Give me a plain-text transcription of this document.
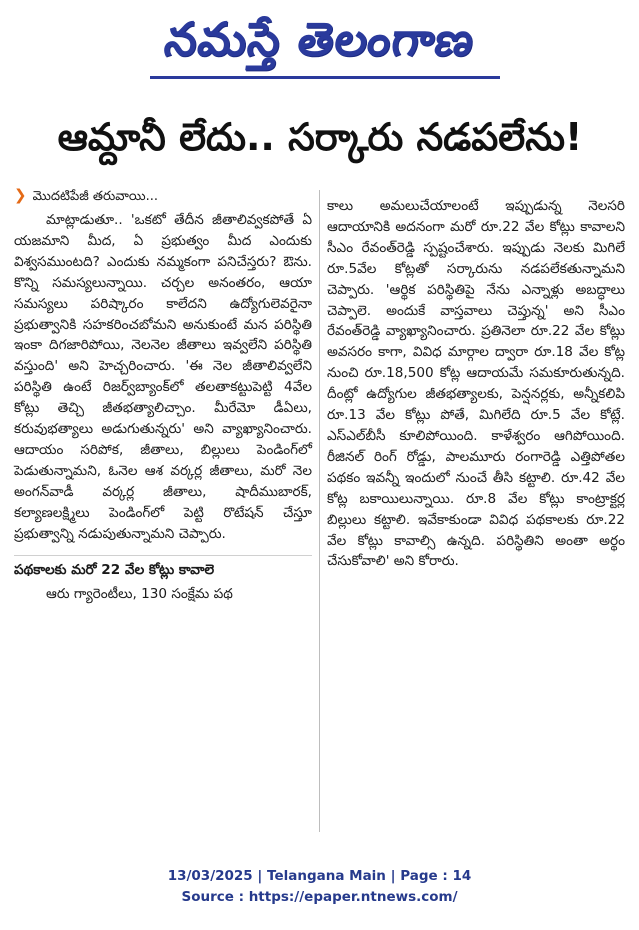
నమస్తే తెలంగాణ
ఆమ్దానీ లేదు.. సర్కారు నడపలేను!
❯ మొదటిపేజీ తరువాయి...

మాట్లాడుతూ.. 'ఒకటో తేదీన జీతాలివ్వకపోతే ఏ యజమాని మీద, ఏ ప్రభుత్వం మీద ఎందుకు విశ్వసముంటది? ఎందుకు నమ్మకంగా పనిచేస్తరు? ఔను. కొన్ని సమస్యలున్నాయి. చర్చల అనంతరం, ఆయా సమస్యలు పరిష్కారం కాలేదని ఉద్యోగులెవరైనా ప్రభుత్వానికి సహకరించబోమని అనుకుంటే మన పరిస్థితి ఇంకా దిగజారిపోయి, నెలనెల జీతాలు ఇవ్వలేని పరిస్థితి వస్తుంది' అని హెచ్చరించారు. 'ఈ నెల జీతాలివ్వలేని పరిస్థితి ఉంటే రిజర్వ్‌బ్యాంక్‌లో తలతాకట్టుపెట్టి 4వేల కోట్లు తెచ్చి జీతభత్యాలిచ్చాం. మీరేమో డీఏలు, కరువుభత్యాలు అడుగుతున్నరు' అని వ్యాఖ్యానించారు. ఆదాయం సరిపోక, జీతాలు, బిల్లులు పెండింగ్‌లో పెడుతున్నామని, ఓనెల ఆశ వర్కర్ల జీతాలు, మరో నెల అంగన్‌వాడీ వర్కర్ల జీతాలు, షాదీముబారక్, కల్యాణలక్ష్మిలు పెండింగ్‌లో పెట్టి రొటేషన్ చేస్తూ ప్రభుత్వాన్ని నడుపుతున్నామని చెప్పారు.

పథకాలకు మరో 22 వేల కోట్లు కావాలె

ఆరు గ్యారెంటీలు, 130 సంక్షేమ పథ

కాలు అమలుచేయాలంటే ఇప్పుడున్న నెలసరి ఆదాయానికి అదనంగా మరో రూ.22 వేల కోట్లు కావాలని సీఎం రేవంత్‌రెడ్డి స్పష్టంచేశారు. ఇప్పుడు నెలకు మిగిలే రూ.5వేల కోట్లతో సర్కారును నడపలేకతున్నామని చెప్పారు. 'ఆర్థిక పరిస్థితిపై నేను ఎన్నాళ్లు అబద్ధాలు చెప్పాలె. అందుకే వాస్తవాలు చెప్తున్న' అని సీఎం రేవంత్‌రెడ్డి వ్యాఖ్యానించారు. ప్రతినెలా రూ.22 వేల కోట్లు అవసరం కాగా, వివిధ మార్గాల ద్వారా రూ.18 వేల కోట్ల నుంచి రూ.18,500 కోట్ల ఆదాయమే సమకూరుతున్నది. దీంట్లో ఉద్యోగుల జీతభత్యాలకు, పెన్షనర్లకు, అన్నీకలిపి రూ.13 వేల కోట్లు పోతే, మిగిలేది రూ.5 వేల కోట్లే. ఎస్‌ఎల్‌బీసీ కూలిపోయింది. కాళేశ్వరం ఆగిపోయింది. రీజినల్ రింగ్ రోడ్డు, పాలమూరు రంగారెడ్డి ఎత్తిపోతల పథకం ఇవన్నీ ఇందులో నుంచే తీసి కట్టాలి. రూ.42 వేల కోట్ల బకాయిలున్నాయి. రూ.8 వేల కోట్లు కాంట్రాక్టర్ల బిల్లులు కట్టాలి. ఇవేకాకుండా వివిధ పథకాలకు రూ.22 వేల కోట్లు కావాల్సి ఉన్నది. పరిస్థితిని అంతా అర్థం చేసుకోవాలి' అని కోరారు.

13/03/2025 | Telangana Main | Page : 14
Source : https://epaper.ntnews.com/
